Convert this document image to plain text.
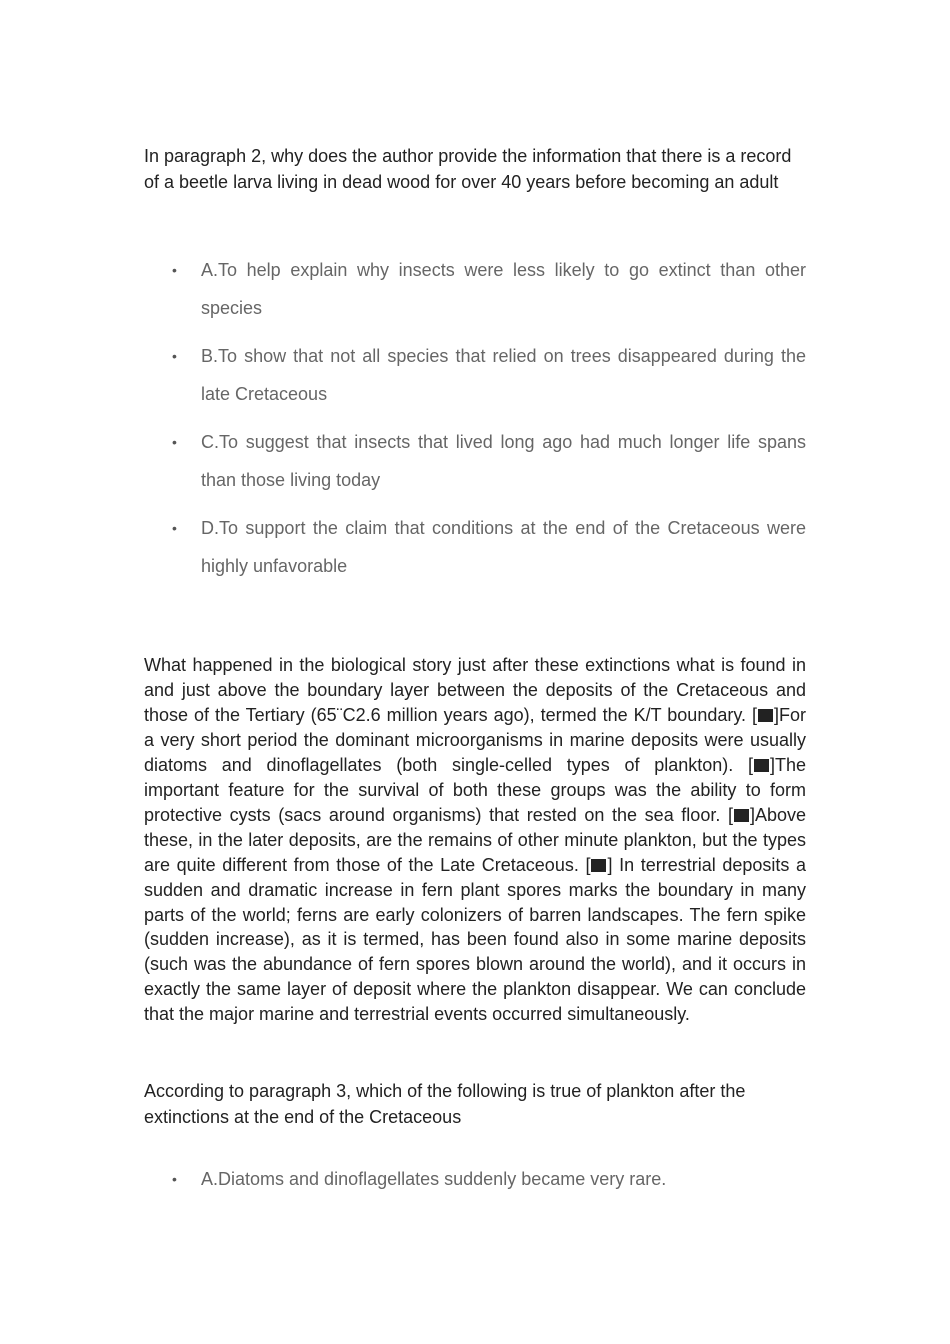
In paragraph 2, why does the author provide the information that there is a record of a beetle larva living in dead wood for over 40 years before becoming an adult

• A.To help explain why insects were less likely to go extinct than other species
• B.To show that not all species that relied on trees disappeared during the late Cretaceous
• C.To suggest that insects that lived long ago had much longer life spans than those living today
• D.To support the claim that conditions at the end of the Cretaceous were highly unfavorable

What happened in the biological story just after these extinctions what is found in and just above the boundary layer between the deposits of the Cretaceous and those of the Tertiary (65¨C2.6 million years ago), termed the K/T boundary. [ ]For a very short period the dominant microorganisms in marine deposits were usually diatoms and dinoflagellates (both single-celled types of plankton). [ ]The important feature for the survival of both these groups was the ability to form protective cysts (sacs around organisms) that rested on the sea floor. [ ]Above these, in the later deposits, are the remains of other minute plankton, but the types are quite different from those of the Late Cretaceous. [ ] In terrestrial deposits a sudden and dramatic increase in fern plant spores marks the boundary in many parts of the world; ferns are early colonizers of barren landscapes. The fern spike (sudden increase), as it is termed, has been found also in some marine deposits (such was the abundance of fern spores blown around the world), and it occurs in exactly the same layer of deposit where the plankton disappear. We can conclude that the major marine and terrestrial events occurred simultaneously.

According to paragraph 3, which of the following is true of plankton after the extinctions at the end of the Cretaceous

• A.Diatoms and dinoflagellates suddenly became very rare.
